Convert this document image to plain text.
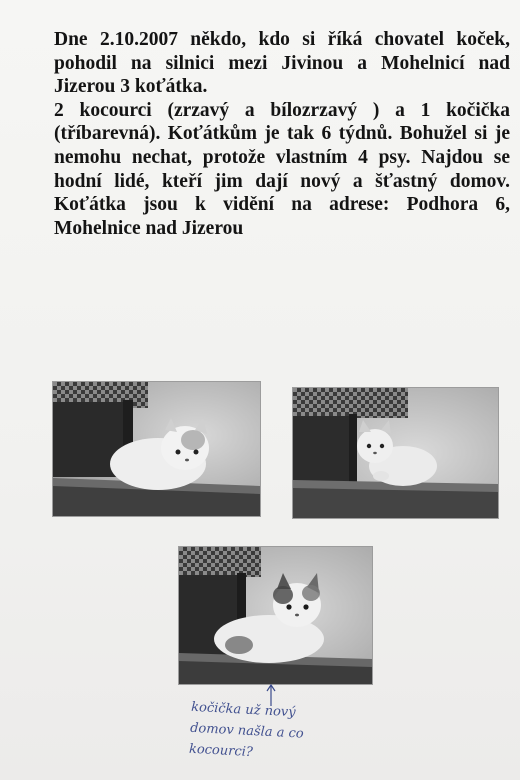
Dne 2.10.2007 někdo, kdo si říká chovatel koček, pohodil na silnici mezi Jivinou a Mohelnicí nad Jizerou 3 koťátka.

2 kocourci (zrzavý a bílozrzavý ) a 1 kočička (tříbarevná). Koťátkům je tak 6 týdnů. Bohužel si je nemohu nechat, protože vlastním 4 psy. Najdou se hodní lidé, kteří jim dají nový a šťastný domov. Koťátka jsou k vidění na adrese: Podhora 6, Mohelnice nad Jizerou

kočička už nový
domov našla a co
kocourci?
